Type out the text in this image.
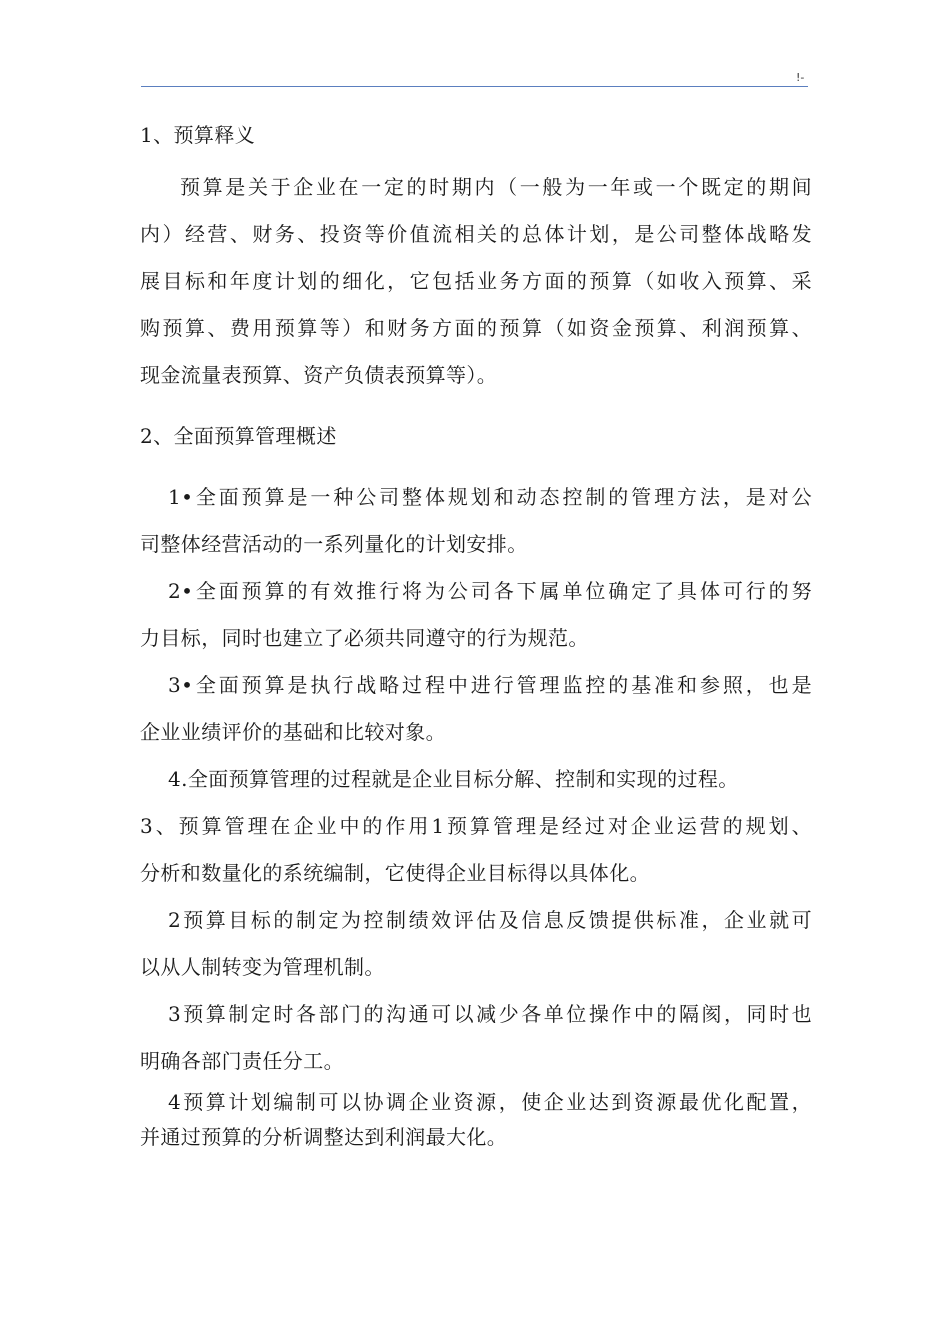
!-

1、预算释义

预算是关于企业在一定的时期内（一般为一年或一个既定的期间
内）经营、财务、投资等价值流相关的总体计划，是公司整体战略发
展目标和年度计划的细化，它包括业务方面的预算（如收入预算、采
购预算、费用预算等）和财务方面的预算（如资金预算、利润预算、
现金流量表预算、资产负债表预算等）。

2、全面预算管理概述

1•全面预算是一种公司整体规划和动态控制的管理方法，是对公
司整体经营活动的一系列量化的计划安排。

2•全面预算的有效推行将为公司各下属单位确定了具体可行的努
力目标，同时也建立了必须共同遵守的行为规范。

3•全面预算是执行战略过程中进行管理监控的基准和参照，也是
企业业绩评价的基础和比较对象。

4.全面预算管理的过程就是企业目标分解、控制和实现的过程。

3、预算管理在企业中的作用1预算管理是经过对企业运营的规划、
分析和数量化的系统编制，它使得企业目标得以具体化。

2预算目标的制定为控制绩效评估及信息反馈提供标准，企业就可
以从人制转变为管理机制。

3预算制定时各部门的沟通可以减少各单位操作中的隔阂，同时也
明确各部门责任分工。

4预算计划编制可以协调企业资源，使企业达到资源最优化配置，
并通过预算的分析调整达到利润最大化。
